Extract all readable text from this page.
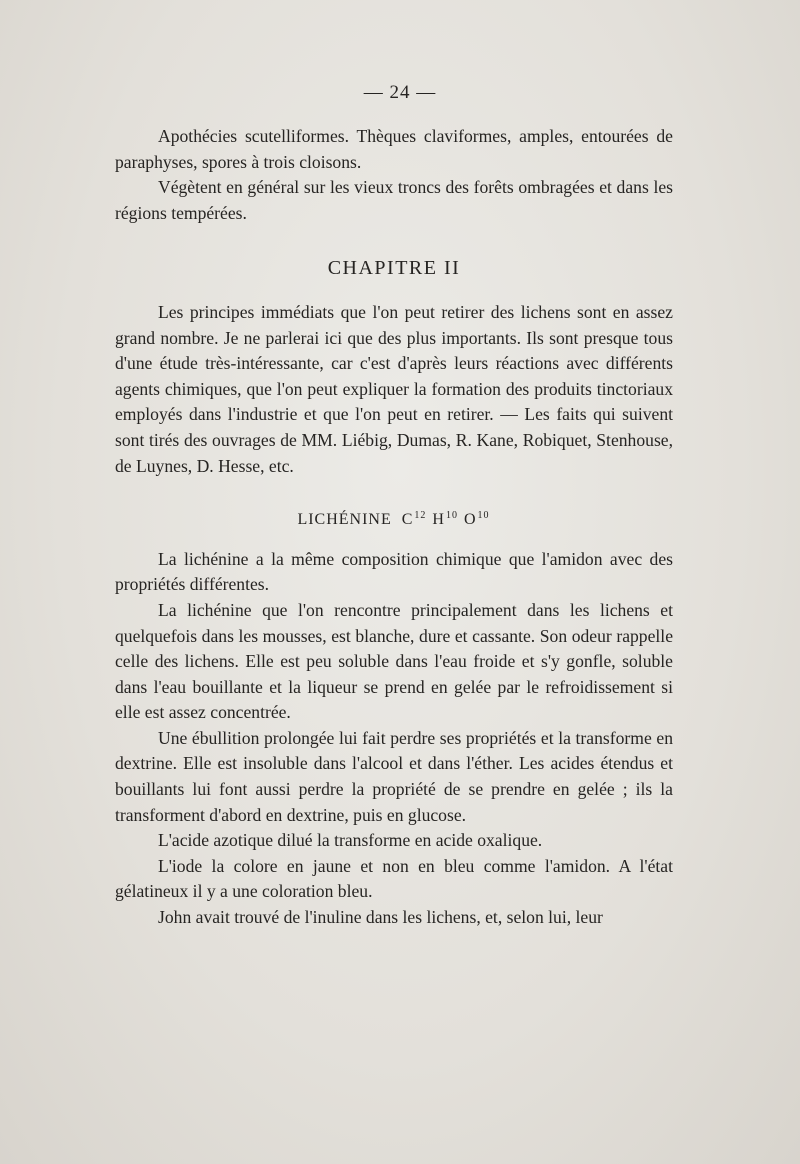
— 24 —

Apothécies scutelliformes. Thèques claviformes, amples, entourées de paraphyses, spores à trois cloisons.

Végètent en général sur les vieux troncs des forêts ombragées et dans les régions tempérées.

CHAPITRE II

Les principes immédiats que l'on peut retirer des lichens sont en assez grand nombre. Je ne parlerai ici que des plus importants. Ils sont presque tous d'une étude très-intéressante, car c'est d'après leurs réactions avec différents agents chimiques, que l'on peut expliquer la formation des produits tinctoriaux employés dans l'industrie et que l'on peut en retirer. — Les faits qui suivent sont tirés des ouvrages de MM. Liébig, Dumas, R. Kane, Robiquet, Stenhouse, de Luynes, D. Hesse, etc.

LICHÉNINE $C^{12}$ $H^{10}$ $O^{10}$

La lichénine a la même composition chimique que l'amidon avec des propriétés différentes.

La lichénine que l'on rencontre principalement dans les lichens et quelquefois dans les mousses, est blanche, dure et cassante. Son odeur rappelle celle des lichens. Elle est peu soluble dans l'eau froide et s'y gonfle, soluble dans l'eau bouillante et la liqueur se prend en gelée par le refroidissement si elle est assez concentrée.

Une ébullition prolongée lui fait perdre ses propriétés et la transforme en dextrine. Elle est insoluble dans l'alcool et dans l'éther. Les acides étendus et bouillants lui font aussi perdre la propriété de se prendre en gelée ; ils la transforment d'abord en dextrine, puis en glucose.

L'acide azotique dilué la transforme en acide oxalique.

L'iode la colore en jaune et non en bleu comme l'amidon. A l'état gélatineux il y a une coloration bleu.

John avait trouvé de l'inuline dans les lichens, et, selon lui, leur
